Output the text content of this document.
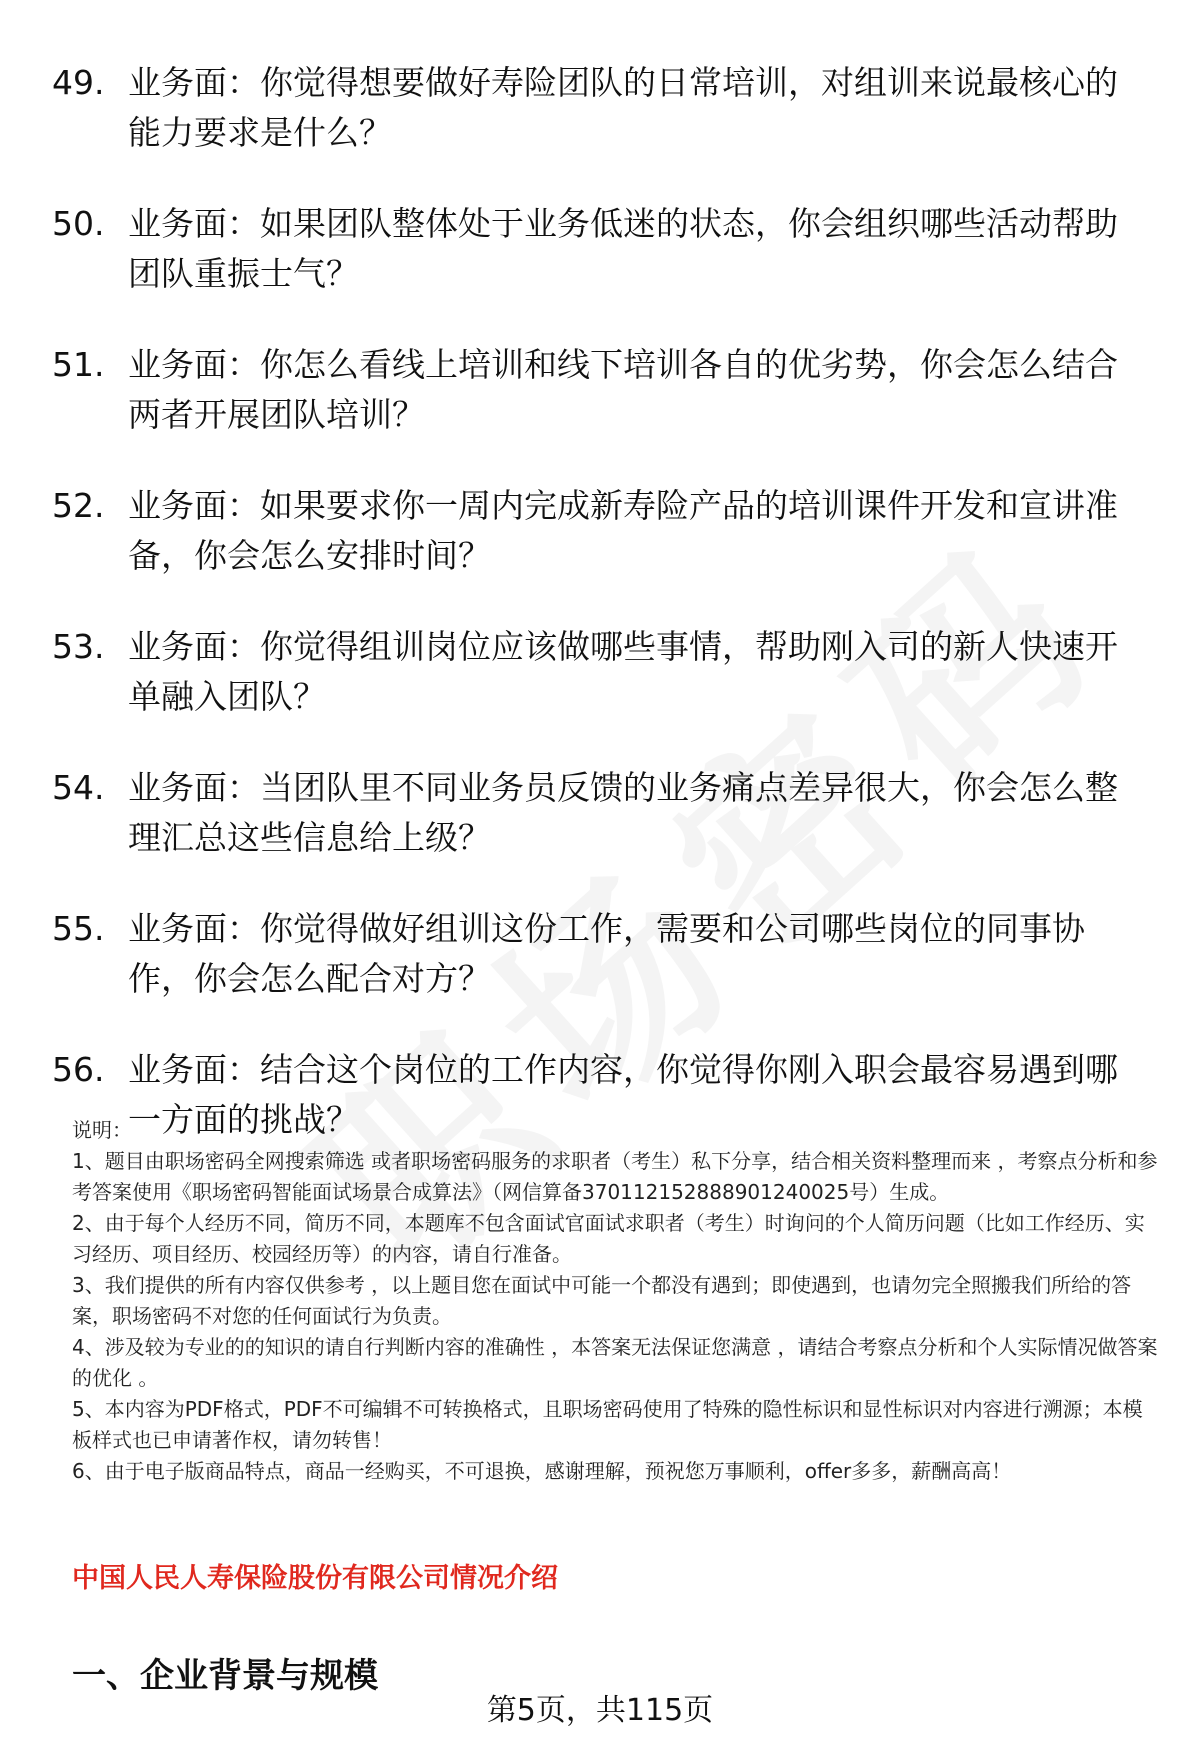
49. 业务面：你觉得想要做好寿险团队的日常培训，对组训来说最核心的能力要求是什么？
50. 业务面：如果团队整体处于业务低迷的状态，你会组织哪些活动帮助团队重振士气？
51. 业务面：你怎么看线上培训和线下培训各自的优劣势，你会怎么结合两者开展团队培训？
52. 业务面：如果要求你一周内完成新寿险产品的培训课件开发和宣讲准备，你会怎么安排时间？
53. 业务面：你觉得组训岗位应该做哪些事情，帮助刚入司的新人快速开单融入团队？
54. 业务面：当团队里不同业务员反馈的业务痛点差异很大，你会怎么整理汇总这些信息给上级？
55. 业务面：你觉得做好组训这份工作，需要和公司哪些岗位的同事协作，你会怎么配合对方？
56. 业务面：结合这个岗位的工作内容，你觉得你刚入职会最容易遇到哪一方面的挑战？

说明：

1、题目由职场密码全网搜索筛选 或者职场密码服务的求职者（考生）私下分享，结合相关资料整理而来 ，考察点分析和参考答案使用《职场密码智能面试场景合成算法》（网信算备370112152888901240025号）生成。

2、由于每个人经历不同，简历不同，本题库不包含面试官面试求职者（考生）时询问的个人简历问题（比如工作经历、实习经历、项目经历、校园经历等）的内容，请自行准备。

3、我们提供的所有内容仅供参考 ，以上题目您在面试中可能一个都没有遇到；即使遇到，也请勿完全照搬我们所给的答案，职场密码不对您的任何面试行为负责。

4、涉及较为专业的的知识的请自行判断内容的准确性 ，本答案无法保证您满意 ，请结合考察点分析和个人实际情况做答案的优化 。

5、本内容为PDF格式，PDF不可编辑不可转换格式，且职场密码使用了特殊的隐性标识和显性标识对内容进行溯源；本模板样式也已申请著作权，请勿转售！

6、由于电子版商品特点，商品一经购买，不可退换，感谢理解，预祝您万事顺利，offer多多，薪酬高高！

中国人民人寿保险股份有限公司情况介绍
一、企业背景与规模
第5页，共115页
